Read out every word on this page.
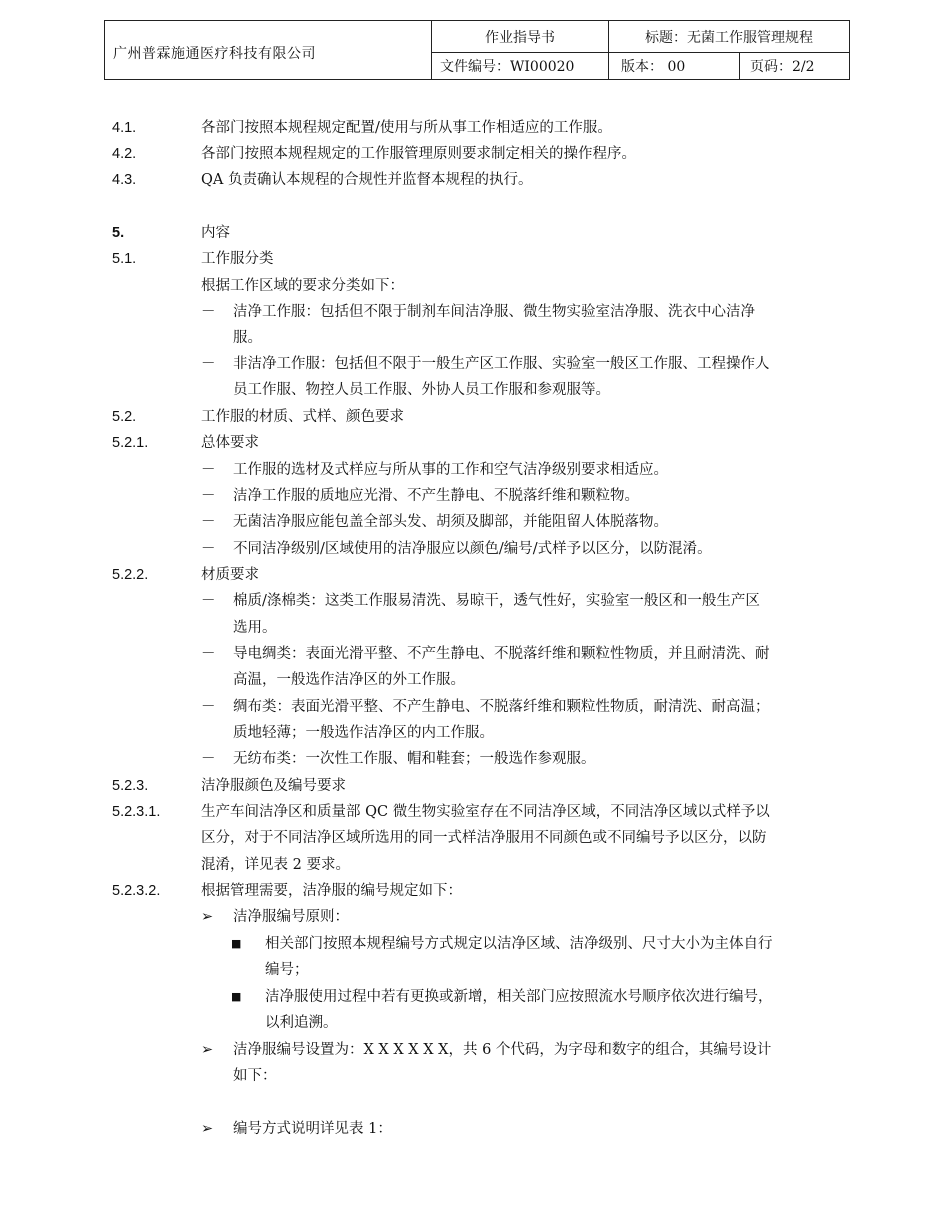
广州普霖施通医疗科技有限公司
作业指导书	标题：无菌工作服管理规程
文件编号：WI00020	版本： 00	页码：2/2
4.1.	各部门按照本规程规定配置/使用与所从事工作相适应的工作服。
4.2.	各部门按照本规程规定的工作服管理原则要求制定相关的操作程序。
4.3.	QA 负责确认本规程的合规性并监督本规程的执行。
5.	内容
5.1.	工作服分类
根据工作区域的要求分类如下：
－ 洁净工作服：包括但不限于制剂车间洁净服、微生物实验室洁净服、洗衣中心洁净
服。
－ 非洁净工作服：包括但不限于一般生产区工作服、实验室一般区工作服、工程操作人
员工作服、物控人员工作服、外协人员工作服和参观服等。
5.2.	工作服的材质、式样、颜色要求
5.2.1.	总体要求
－ 工作服的选材及式样应与所从事的工作和空气洁净级别要求相适应。
－ 洁净工作服的质地应光滑、不产生静电、不脱落纤维和颗粒物。
－ 无菌洁净服应能包盖全部头发、胡须及脚部，并能阻留人体脱落物。
－ 不同洁净级别/区域使用的洁净服应以颜色/编号/式样予以区分，以防混淆。
5.2.2.	材质要求
－ 棉质/涤棉类：这类工作服易清洗、易晾干，透气性好，实验室一般区和一般生产区
选用。
－ 导电绸类：表面光滑平整、不产生静电、不脱落纤维和颗粒性物质，并且耐清洗、耐
高温，一般选作洁净区的外工作服。
－ 绸布类：表面光滑平整、不产生静电、不脱落纤维和颗粒性物质，耐清洗、耐高温；
质地轻薄；一般选作洁净区的内工作服。
－ 无纺布类：一次性工作服、帽和鞋套；一般选作参观服。
5.2.3.	洁净服颜色及编号要求
5.2.3.1.	生产车间洁净区和质量部 QC 微生物实验室存在不同洁净区域，不同洁净区域以式样予以
区分，对于不同洁净区域所选用的同一式样洁净服用不同颜色或不同编号予以区分，以防
混淆，详见表 2 要求。
5.2.3.2.	根据管理需要，洁净服的编号规定如下：
➢ 洁净服编号原则：
■ 相关部门按照本规程编号方式规定以洁净区域、洁净级别、尺寸大小为主体自行
编号；
■ 洁净服使用过程中若有更换或新增，相关部门应按照流水号顺序依次进行编号，
以利追溯。
➢ 洁净服编号设置为：X X X X X X，共 6 个代码，为字母和数字的组合，其编号设计
如下：
➢ 编号方式说明详见表 1：
